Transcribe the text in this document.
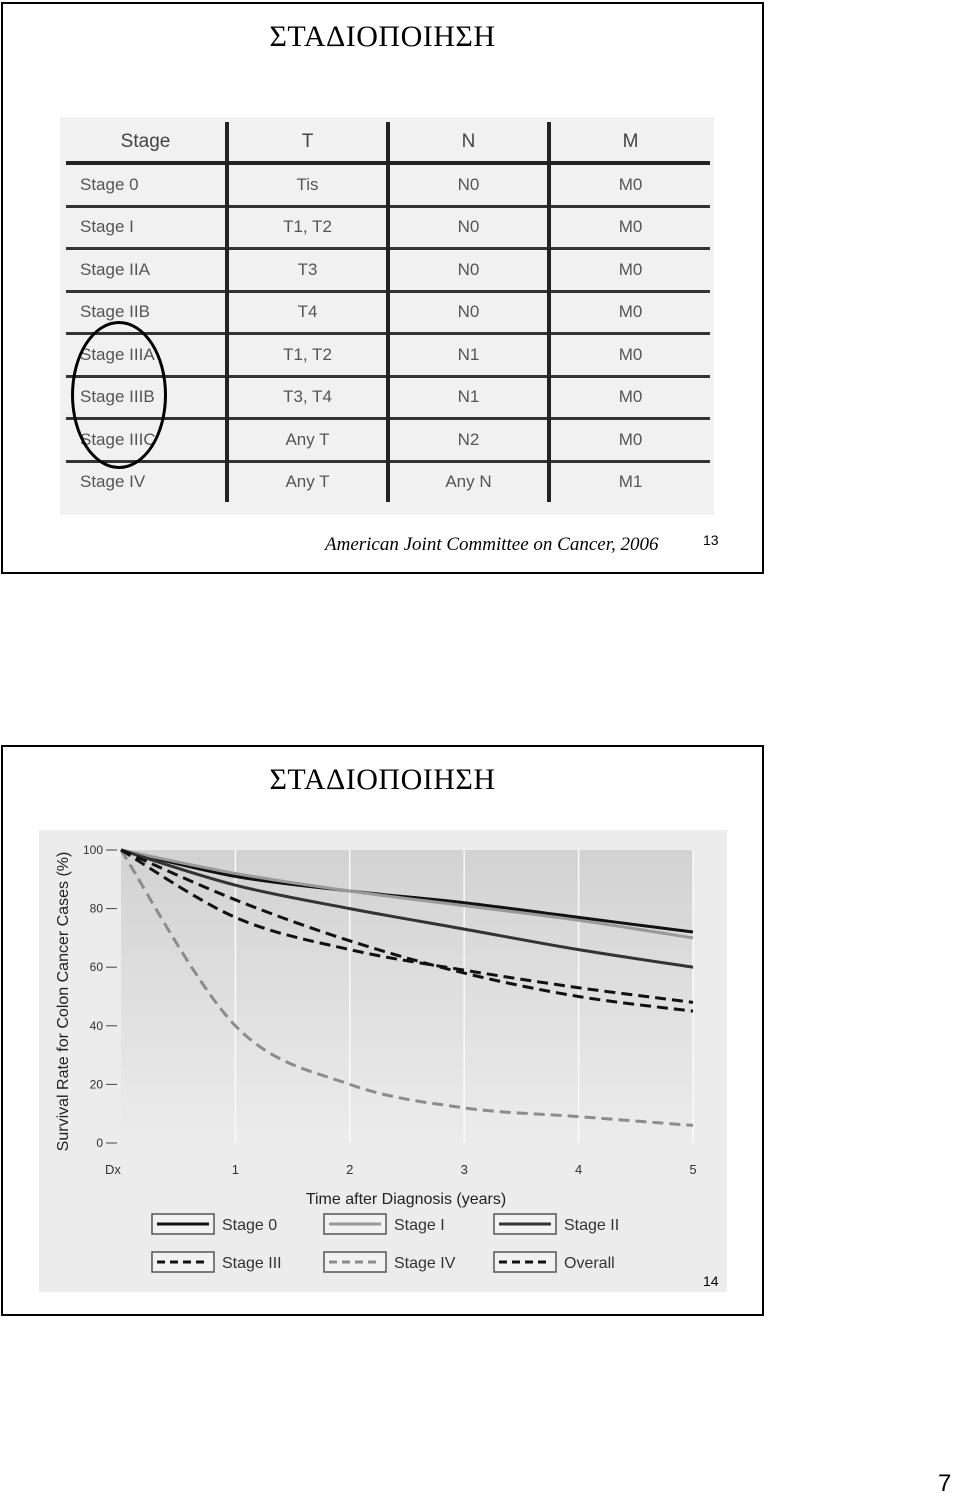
ΣΤΑΔΙΟΠΟΙΗΣΗ
Stage	T	N	M
Stage 0	Tis	N0	M0
Stage I	T1, T2	N0	M0
Stage IIA	T3	N0	M0
Stage IIB	T4	N0	M0
Stage IIIA	T1, T2	N1	M0
Stage IIIB	T3, T4	N1	M0
Stage IIIC	Any T	N2	M0
Stage IV	Any T	Any N	M1
American Joint Committee on Cancer, 2006	13
ΣΤΑΔΙΟΠΟΙΗΣΗ
0
20
40
60
80
100
Dx	1	2	3	4	5
Survival Rate for Colon Cancer Cases (%)
Time after Diagnosis (years)
Stage 0	Stage I	Stage II
Stage III	Stage IV	Overall
14
7
